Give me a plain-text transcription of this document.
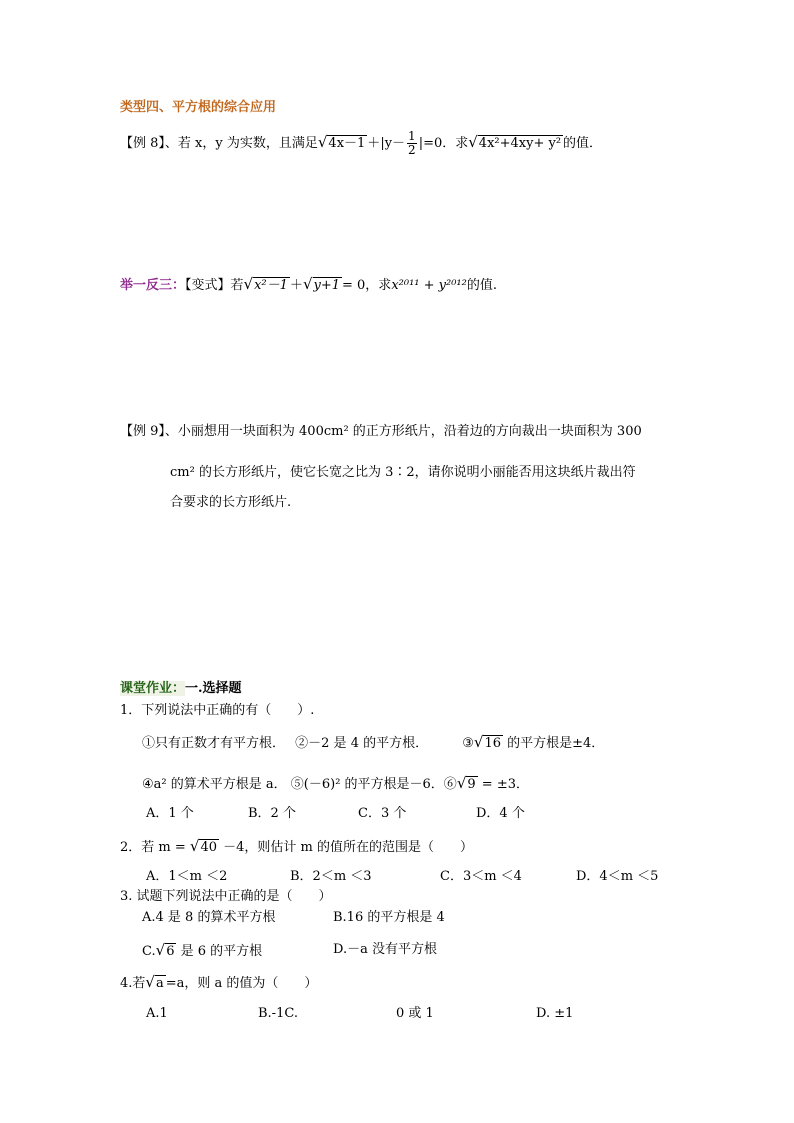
类型四、平方根的综合应用
【例 8】、若 x，y 为实数，且满足$√4x-1 +|y- \frac{1}{2} |=0$．求√4x²+4xy+ y² 的值．
举一反三：【变式】若√x²－1 ＋√y+1 = 0，求x²⁰¹¹ + y²⁰¹²的值.
【例 9】、小丽想用一块面积为 400cm² 的正方形纸片，沿着边的方向裁出一块面积为 300
cm² 的长方形纸片，使它长宽之比为 3∶2，请你说明小丽能否用这块纸片裁出符
合要求的长方形纸片.
课堂作业：一.选择题
1．下列说法中正确的有（　　）.
①只有正数才有平方根． ②－2 是 4 的平方根．	③√16 的平方根是±4．
④a² 的算术平方根是 a． ⑤(－6)² 的平方根是－6．⑥√9 = ±3．
A．1 个	B．2 个	C．3 个	D．4 个
2．若 m = √40 －4，则估计 m 的值所在的范围是（　　）
A．1＜m ＜2	B．2＜m ＜3	C．3＜m ＜4	D．4＜m ＜5
3. 试题下列说法中正确的是（　　）
A.4 是 8 的算术平方根	B.16 的平方根是 4
C.√6 是 6 的平方根	D.－a 没有平方根
4.若√a =a，则 a 的值为（　　）
A.1	B.-1C.	0 或 1	D. ±1
